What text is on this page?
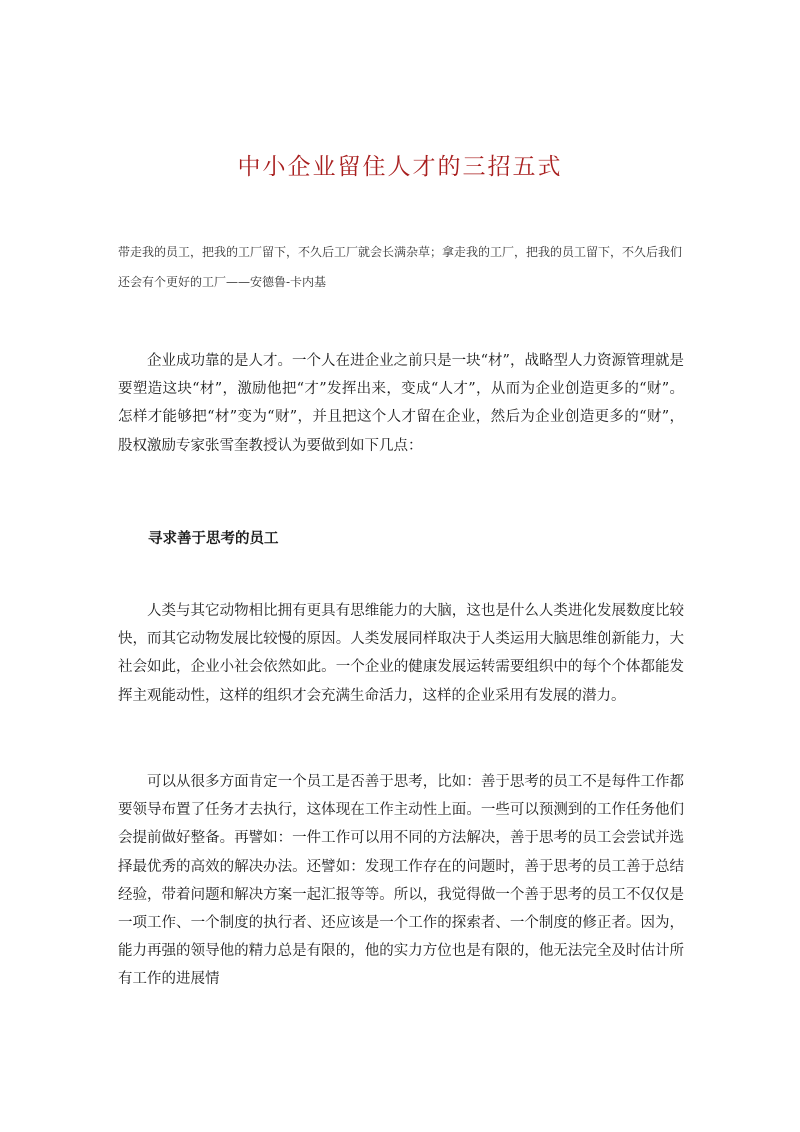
中小企业留住人才的三招五式

带走我的员工，把我的工厂留下，不久后工厂就会长满杂草；拿走我的工厂，把我的员工留下，不久后我们还会有个更好的工厂——安德鲁-卡内基

企业成功靠的是人才。一个人在进企业之前只是一块“材”，战略型人力资源管理就是要塑造这块“材”，激励他把“才”发挥出来，变成“人才”，从而为企业创造更多的“财”。怎样才能够把“材”变为“财”，并且把这个人才留在企业，然后为企业创造更多的“财”，股权激励专家张雪奎教授认为要做到如下几点：

寻求善于思考的员工

人类与其它动物相比拥有更具有思维能力的大脑，这也是什么人类进化发展数度比较快，而其它动物发展比较慢的原因。人类发展同样取决于人类运用大脑思维创新能力，大社会如此，企业小社会依然如此。一个企业的健康发展运转需要组织中的每个个体都能发挥主观能动性，这样的组织才会充满生命活力，这样的企业采用有发展的潜力。

可以从很多方面肯定一个员工是否善于思考，比如：善于思考的员工不是每件工作都要领导布置了任务才去执行，这体现在工作主动性上面。一些可以预测到的工作任务他们会提前做好整备。再譬如：一件工作可以用不同的方法解决，善于思考的员工会尝试并选择最优秀的高效的解决办法。还譬如：发现工作存在的问题时，善于思考的员工善于总结经验，带着问题和解决方案一起汇报等等。所以，我觉得做一个善于思考的员工不仅仅是一项工作、一个制度的执行者、还应该是一个工作的探索者、一个制度的修正者。因为，能力再强的领导他的精力总是有限的，他的实力方位也是有限的，他无法完全及时估计所有工作的进展情
